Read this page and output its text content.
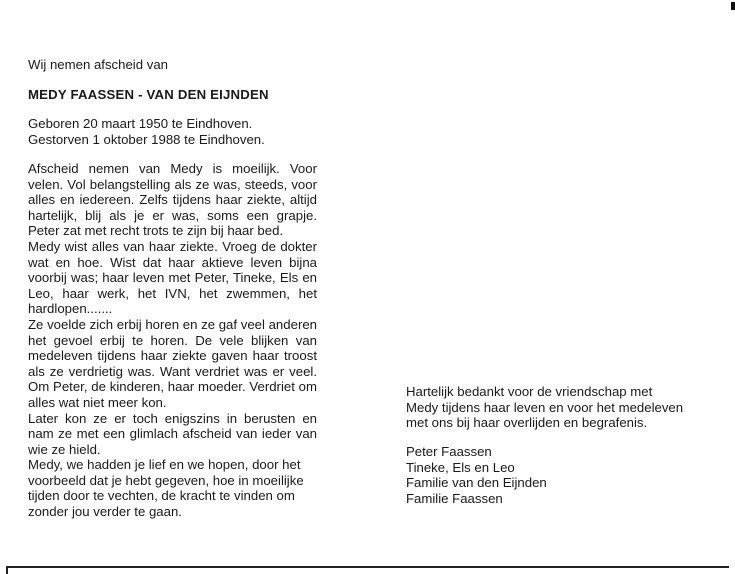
Wij nemen afscheid van
MEDY FAASSEN - VAN DEN EIJNDEN
Geboren 20 maart 1950 te Eindhoven.
Gestorven 1 oktober 1988 te Eindhoven.

Afscheid nemen van Medy is moeilijk. Voor velen. Vol belangstelling als ze was, steeds, voor alles en iedereen. Zelfs tijdens haar ziekte, altijd hartelijk, blij als je er was, soms een grapje. Peter zat met recht trots te zijn bij haar bed.

Medy wist alles van haar ziekte. Vroeg de dokter wat en hoe. Wist dat haar aktieve leven bijna voorbij was; haar leven met Peter, Tineke, Els en Leo, haar werk, het IVN, het zwemmen, het hardlopen.......

Ze voelde zich erbij horen en ze gaf veel anderen het gevoel erbij te horen. De vele blijken van medeleven tijdens haar ziekte gaven haar troost als ze verdrietig was. Want verdriet was er veel. Om Peter, de kinderen, haar moeder. Verdriet om alles wat niet meer kon.

Later kon ze er toch enigszins in berusten en nam ze met een glimlach afscheid van ieder van wie ze hield.

Medy, we hadden je lief en we hopen, door het voorbeeld dat je hebt gegeven, hoe in moeilijke tijden door te vechten, de kracht te vinden om zonder jou verder te gaan.

Hartelijk bedankt voor de vriendschap met
Medy tijdens haar leven en voor het medeleven
met ons bij haar overlijden en begrafenis.
Peter Faassen
Tineke, Els en Leo
Familie van den Eijnden
Familie Faassen
